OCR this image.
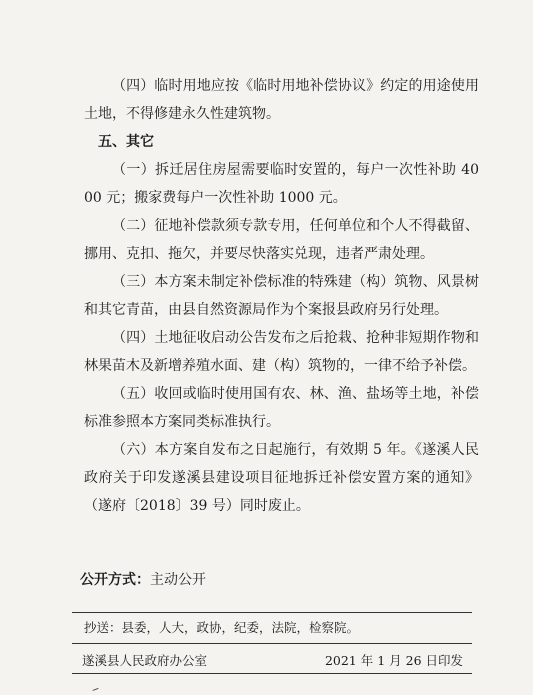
（四）临时用地应按《临时用地补偿协议》约定的用途使用土地，不得修建永久性建筑物。

五、其它

（一）拆迁居住房屋需要临时安置的，每户一次性补助 4000 元；搬家费每户一次性补助 1000 元。

（二）征地补偿款须专款专用，任何单位和个人不得截留、挪用、克扣、拖欠，并要尽快落实兑现，违者严肃处理。

（三）本方案未制定补偿标准的特殊建（构）筑物、风景树和其它青苗，由县自然资源局作为个案报县政府另行处理。

（四）土地征收启动公告发布之后抢栽、抢种非短期作物和林果苗木及新增养殖水面、建（构）筑物的，一律不给予补偿。

（五）收回或临时使用国有农、林、渔、盐场等土地，补偿标准参照本方案同类标准执行。

（六）本方案自发布之日起施行，有效期 5 年。《遂溪人民政府关于印发遂溪县建设项目征地拆迁补偿安置方案的通知》（遂府〔2018〕39 号）同时废止。

公开方式：主动公开
抄送：县委，人大，政协，纪委，法院，检察院。
遂溪县人民政府办公室	2021 年 1 月 26 日印发
